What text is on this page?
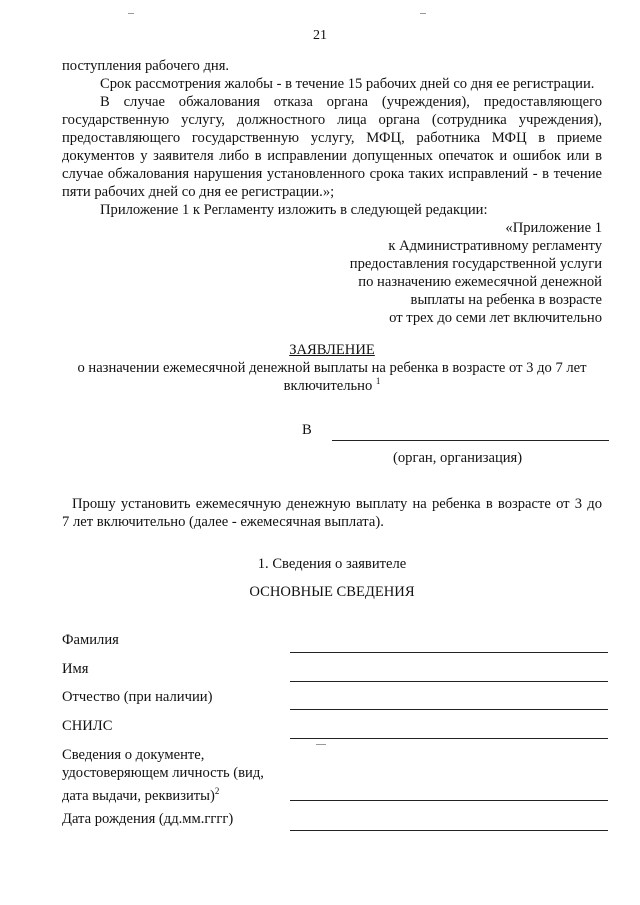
21
поступления рабочего дня.
Срок рассмотрения жалобы - в течение 15 рабочих дней со дня ее регистрации.
В случае обжалования отказа органа (учреждения), предоставляющего
государственную услугу, должностного лица органа (сотрудника учреждения),
предоставляющего государственную услугу, МФЦ, работника МФЦ в приеме
документов у заявителя либо в исправлении допущенных опечаток и ошибок или в
случае обжалования нарушения установленного срока таких исправлений - в течение
пяти рабочих дней со дня ее регистрации.»;
Приложение 1 к Регламенту изложить в следующей редакции:
«Приложение 1
к Административному регламенту
предоставления государственной услуги
по назначению ежемесячной денежной
выплаты на ребенка в возрасте
от трех до семи лет включительно
ЗАЯВЛЕНИЕ
о назначении ежемесячной денежной выплаты на ребенка в возрасте от 3 до 7 лет
включительно $^1$
В
(орган, организация)
Прошу установить ежемесячную денежную выплату на ребенка в возрасте от 3 до
7 лет включительно (далее - ежемесячная выплата).
1. Сведения о заявителе
ОСНОВНЫЕ СВЕДЕНИЯ
Фамилия
Имя
Отчество (при наличии)
СНИЛС
Сведения о документе,
удостоверяющем личность (вид,
дата выдачи, реквизиты)$^2$
Дата рождения (дд.мм.гггг)
